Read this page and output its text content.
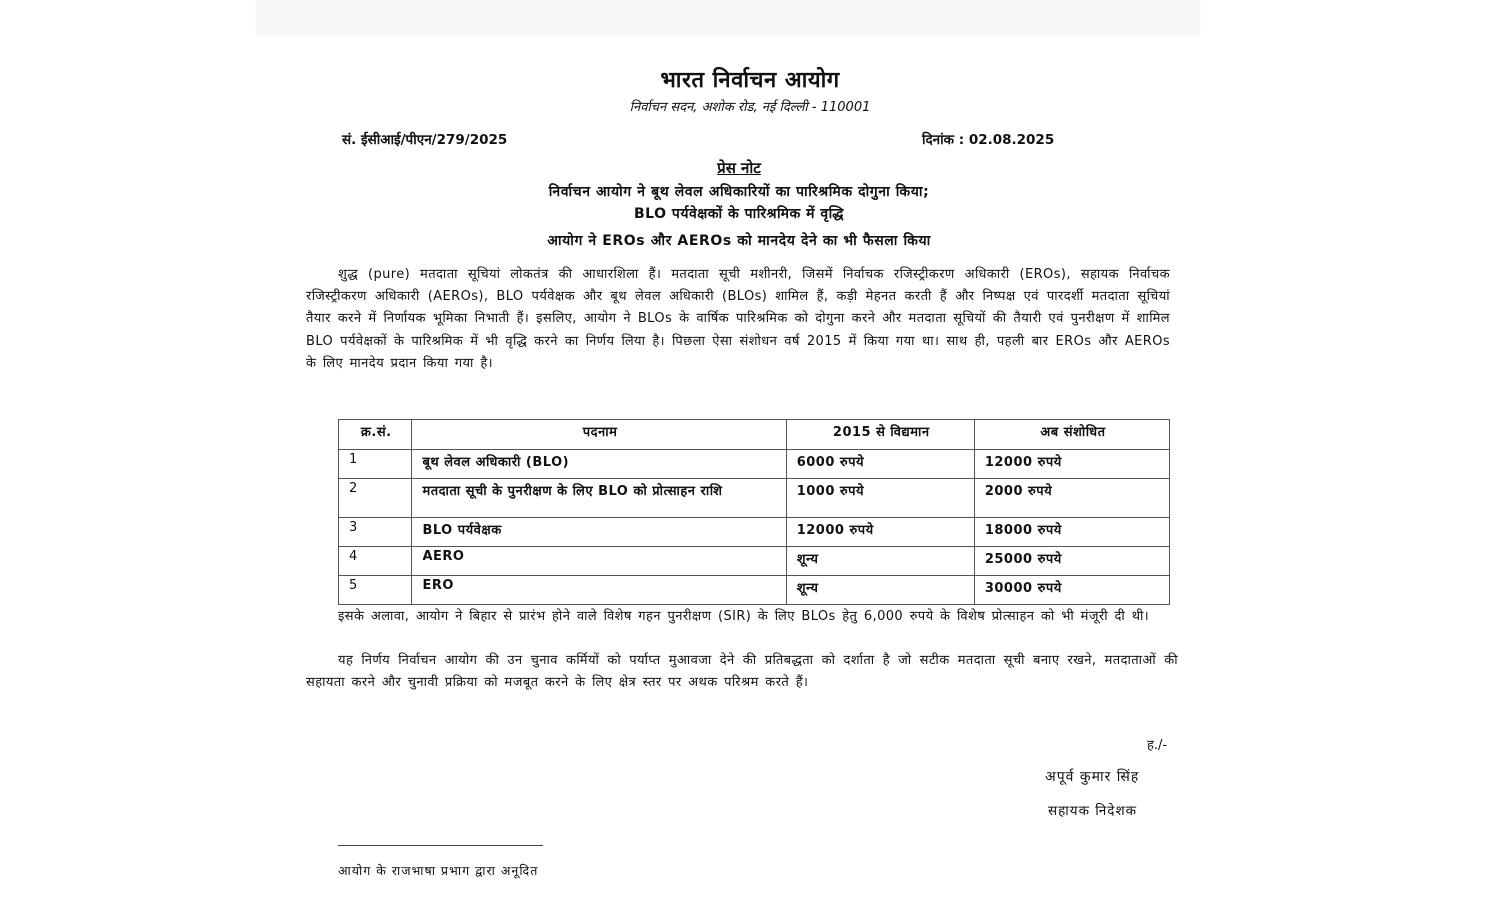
भारत निर्वाचन आयोग
निर्वाचन सदन, अशोक रोड, नई दिल्ली - 110001
सं. ईसीआई/पीएन/279/2025	दिनांक : 02.08.2025
प्रेस नोट
निर्वाचन आयोग ने बूथ लेवल अधिकारियों का पारिश्रमिक दोगुना किया;
BLO पर्यवेक्षकों के पारिश्रमिक में वृद्धि
आयोग ने EROs और AEROs को मानदेय देने का भी फैसला किया
शुद्ध (pure) मतदाता सूचियां लोकतंत्र की आधारशिला हैं। मतदाता सूची मशीनरी, जिसमें निर्वाचक रजिस्ट्रीकरण अधिकारी (EROs), सहायक निर्वाचक रजिस्ट्रीकरण अधिकारी (AEROs), BLO पर्यवेक्षक और बूथ लेवल अधिकारी (BLOs) शामिल हैं, कड़ी मेहनत करती हैं और निष्पक्ष एवं पारदर्शी मतदाता सूचियां तैयार करने में निर्णायक भूमिका निभाती हैं। इसलिए, आयोग ने BLOs के वार्षिक पारिश्रमिक को दोगुना करने और मतदाता सूचियों की तैयारी एवं पुनरीक्षण में शामिल BLO पर्यवेक्षकों के पारिश्रमिक में भी वृद्धि करने का निर्णय लिया है। पिछला ऐसा संशोधन वर्ष 2015 में किया गया था। साथ ही, पहली बार EROs और AEROs के लिए मानदेय प्रदान किया गया है।
क्र.सं.	पदनाम	2015 से विद्यमान	अब संशोधित
1	बूथ लेवल अधिकारी (BLO)	6000 रुपये	12000 रुपये
2	मतदाता सूची के पुनरीक्षण के लिए BLO को प्रोत्साहन राशि	1000 रुपये	2000 रुपये
3	BLO पर्यवेक्षक	12000 रुपये	18000 रुपये
4	AERO	शून्य	25000 रुपये
5	ERO	शून्य	30000 रुपये
इसके अलावा, आयोग ने बिहार से प्रारंभ होने वाले विशेष गहन पुनरीक्षण (SIR) के लिए BLOs हेतु 6,000 रुपये के विशेष प्रोत्साहन को भी मंजूरी दी थी।
यह निर्णय निर्वाचन आयोग की उन चुनाव कर्मियों को पर्याप्त मुआवजा देने की प्रतिबद्धता को दर्शाता है जो सटीक मतदाता सूची बनाए रखने, मतदाताओं की सहायता करने और चुनावी प्रक्रिया को मजबूत करने के लिए क्षेत्र स्तर पर अथक परिश्रम करते हैं।
ह./-
अपूर्व कुमार सिंह
सहायक निदेशक
आयोग के राजभाषा प्रभाग द्वारा अनूदित
